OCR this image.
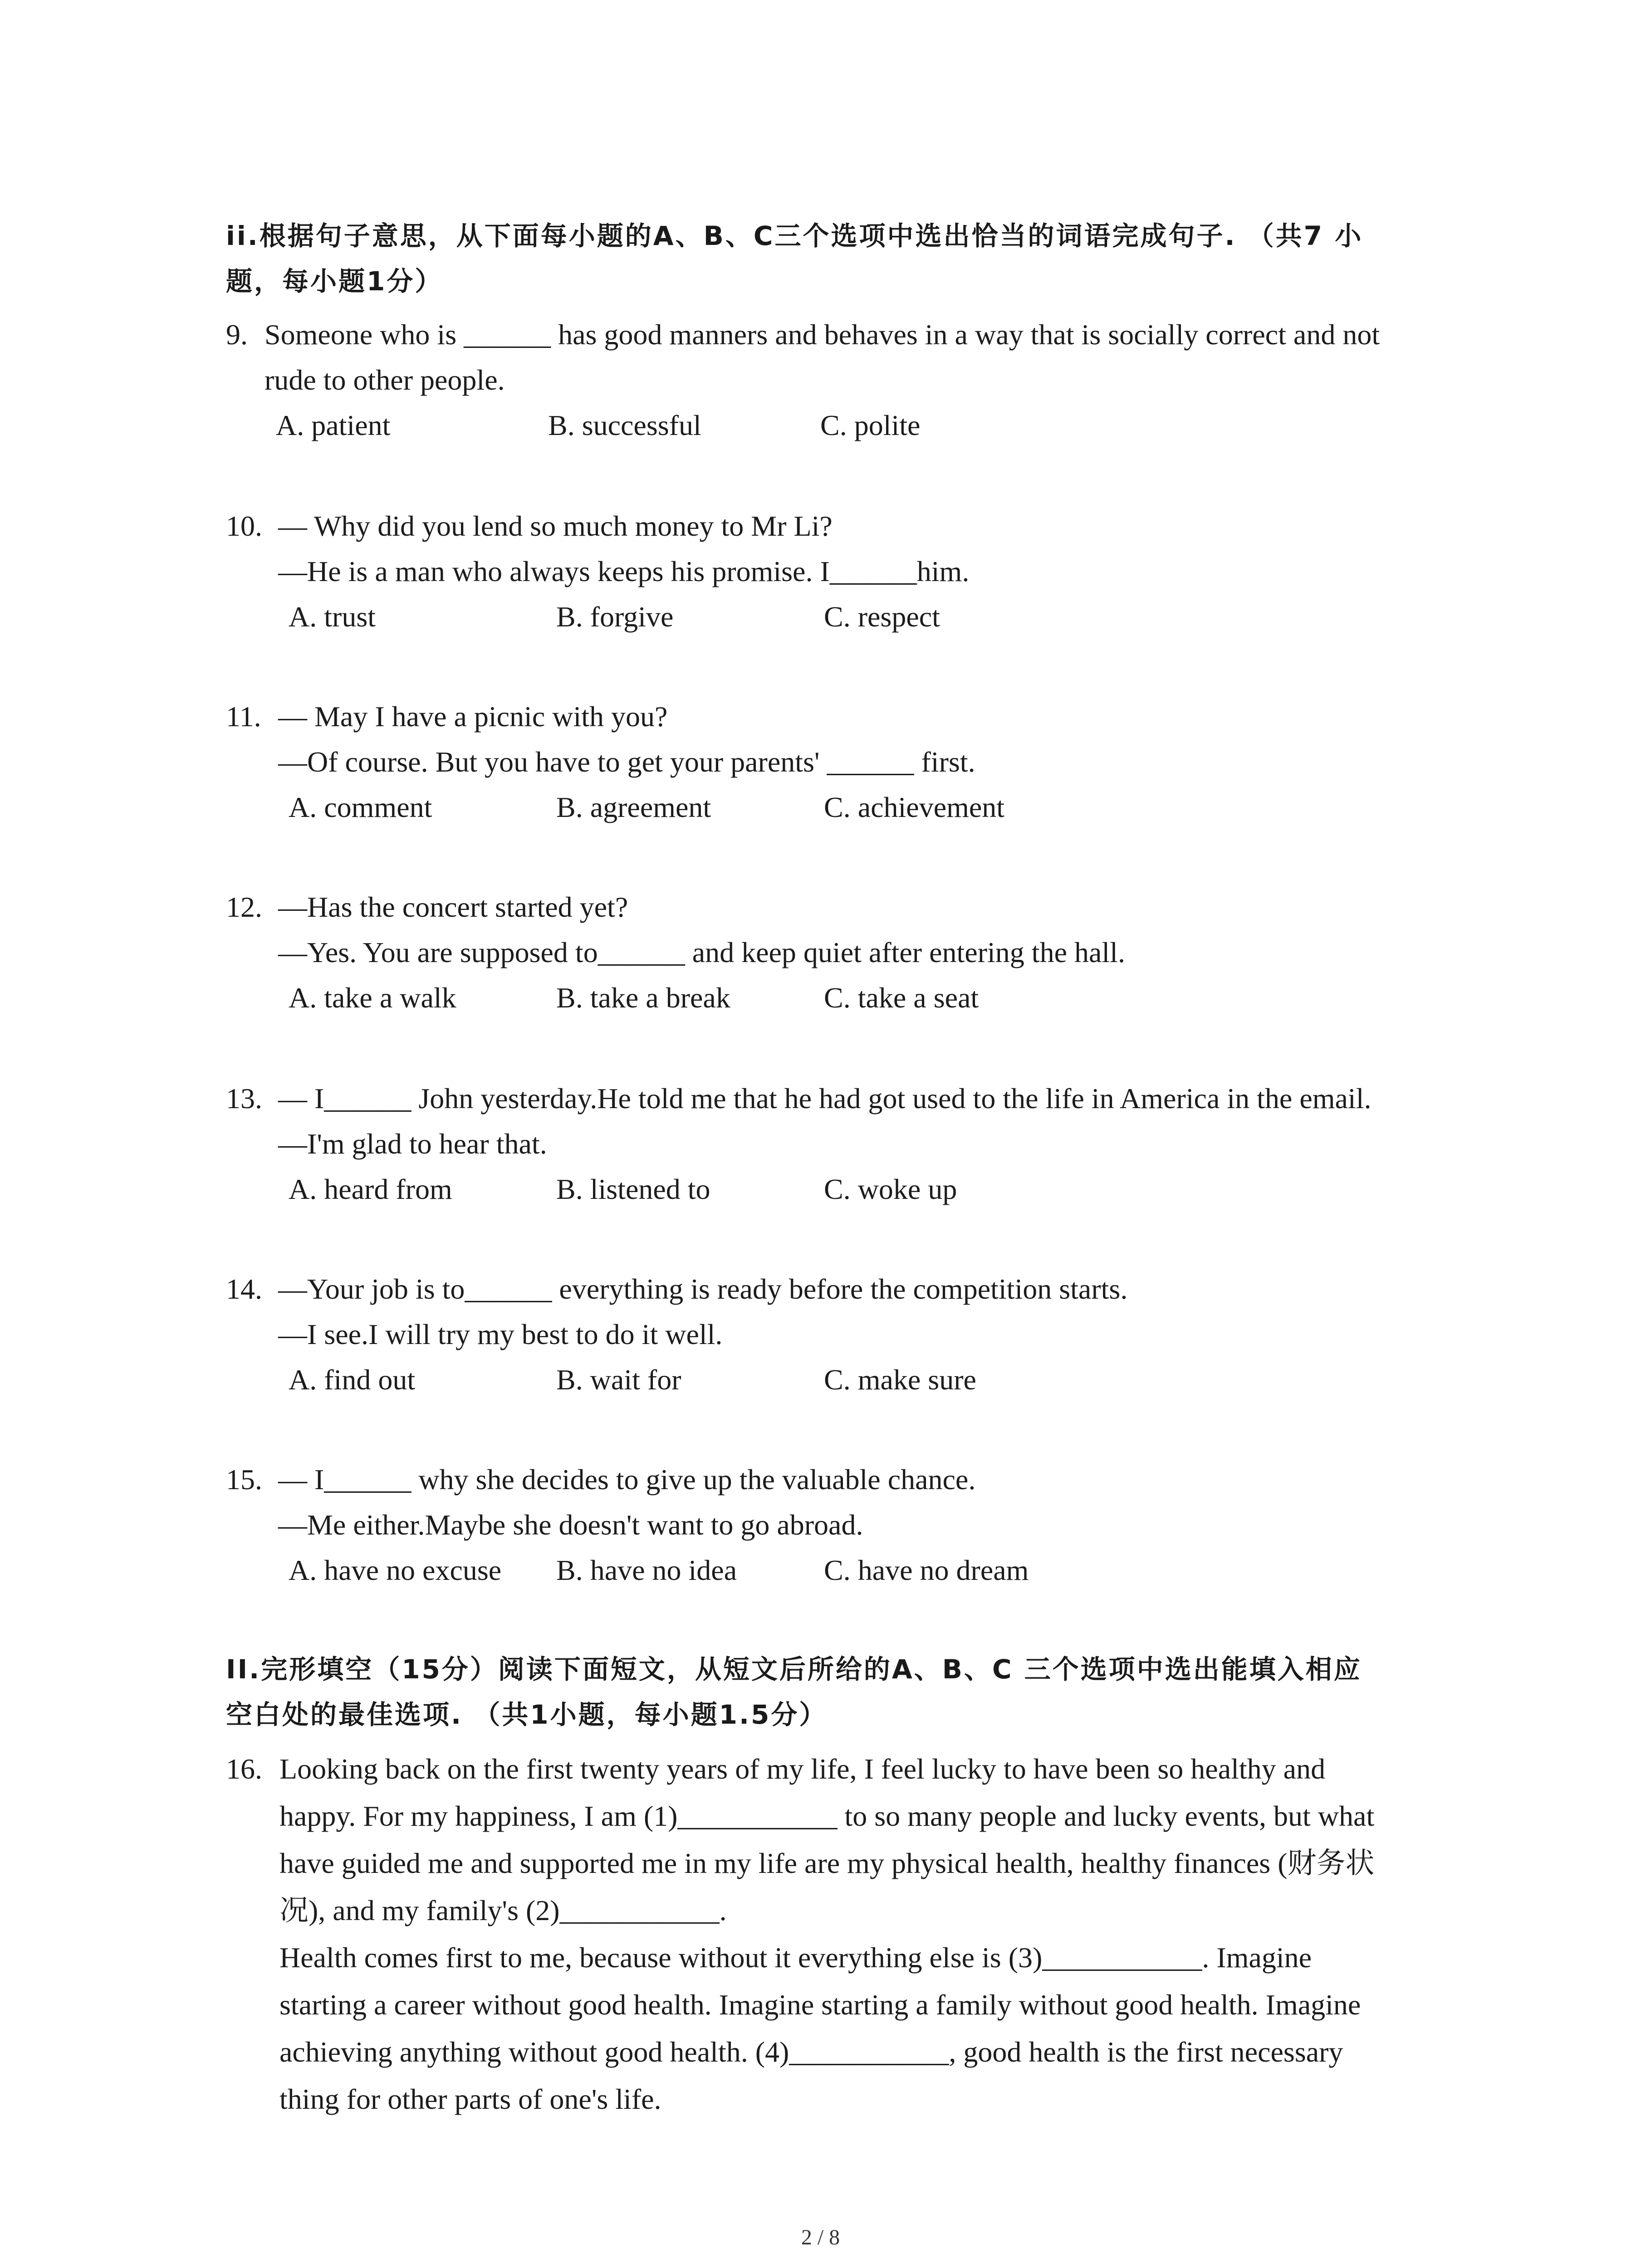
ii.根据句子意思，从下面每小题的A、B、C三个选项中选出恰当的词语完成句子. （共7 小
题，每小题1分）
9. Someone who is ______ has good manners and behaves in a way that is socially correct and not
rude to other people.
A. patient	B. successful	C. polite
10. — Why did you lend so much money to Mr Li?
—He is a man who always keeps his promise. I______him.
A. trust	B. forgive	C. respect
11. — May I have a picnic with you?
—Of course. But you have to get your parents' ______ first.
A. comment	B. agreement	C. achievement
12. —Has the concert started yet?
—Yes. You are supposed to______ and keep quiet after entering the hall.
A. take a walk	B. take a break	C. take a seat
13. — I______ John yesterday.He told me that he had got used to the life in America in the email.
—I'm glad to hear that.
A. heard from	B. listened to	C. woke up
14. —Your job is to______ everything is ready before the competition starts.
—I see.I will try my best to do it well.
A. find out	B. wait for	C. make sure
15. — I______ why she decides to give up the valuable chance.
—Me either.Maybe she doesn't want to go abroad.
A. have no excuse	B. have no idea	C. have no dream
II.完形填空（15分）阅读下面短文，从短文后所给的A、B、C 三个选项中选出能填入相应
空白处的最佳选项. （共1小题，每小题1.5分）
16. Looking back on the first twenty years of my life, I feel lucky to have been so healthy and
happy. For my happiness, I am (1)___________ to so many people and lucky events, but what
have guided me and supported me in my life are my physical health, healthy finances (财务状
况), and my family's (2)___________.
Health comes first to me, because without it everything else is (3)___________. Imagine
starting a career without good health. Imagine starting a family without good health. Imagine
achieving anything without good health. (4)___________, good health is the first necessary
thing for other parts of one's life.
2 / 8
